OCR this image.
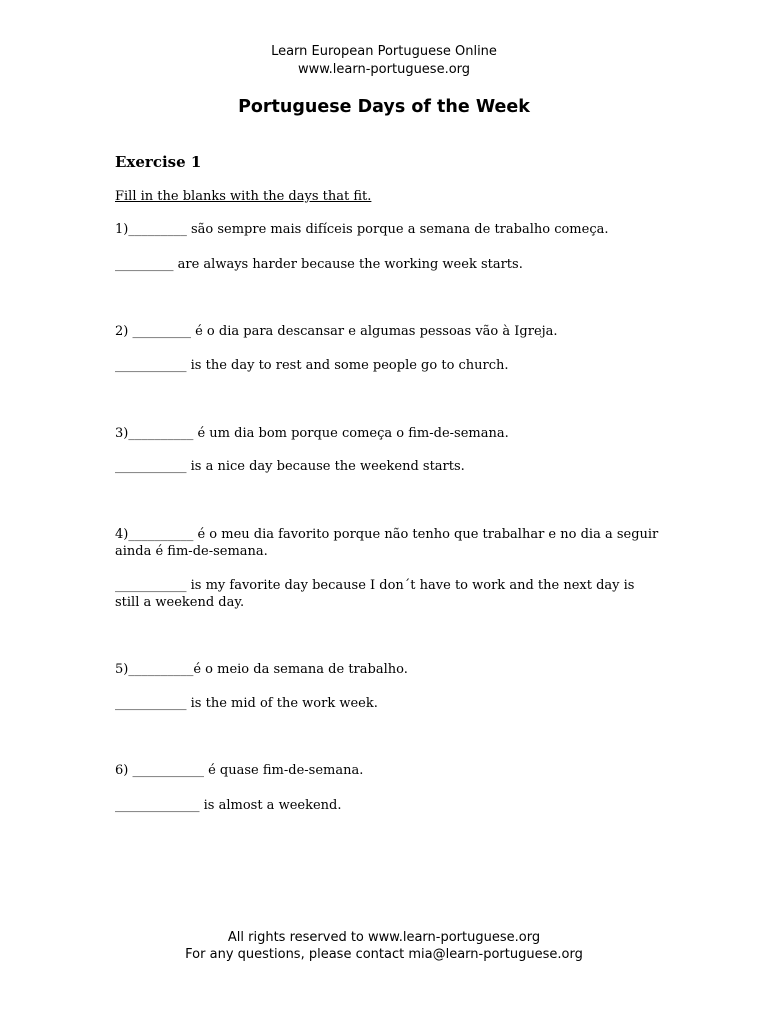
Learn European Portuguese Online
www.learn-portuguese.org
Portuguese Days of the Week
Exercise 1
Fill in the blanks with the days that fit.
1)_________ são sempre mais difíceis porque a semana de trabalho começa.
_________ are always harder because the working week starts.
2) _________ é o dia para descansar e algumas pessoas vão à Igreja.
___________ is the day to rest and some people go to church.
3)__________ é um dia bom porque começa o fim-de-semana.
___________ is a nice day because the weekend starts.
4)__________ é o meu dia favorito porque não tenho que trabalhar e no dia a seguir ainda é fim-de-semana.
___________ is my favorite day because I don´t have to work and the next day is still a weekend day.
5)__________é o meio da semana de trabalho.
___________ is the mid of the work week.
6) ___________ é quase fim-de-semana.
_____________ is almost a weekend.
All rights reserved to www.learn-portuguese.org
For any questions, please contact mia@learn-portuguese.org
